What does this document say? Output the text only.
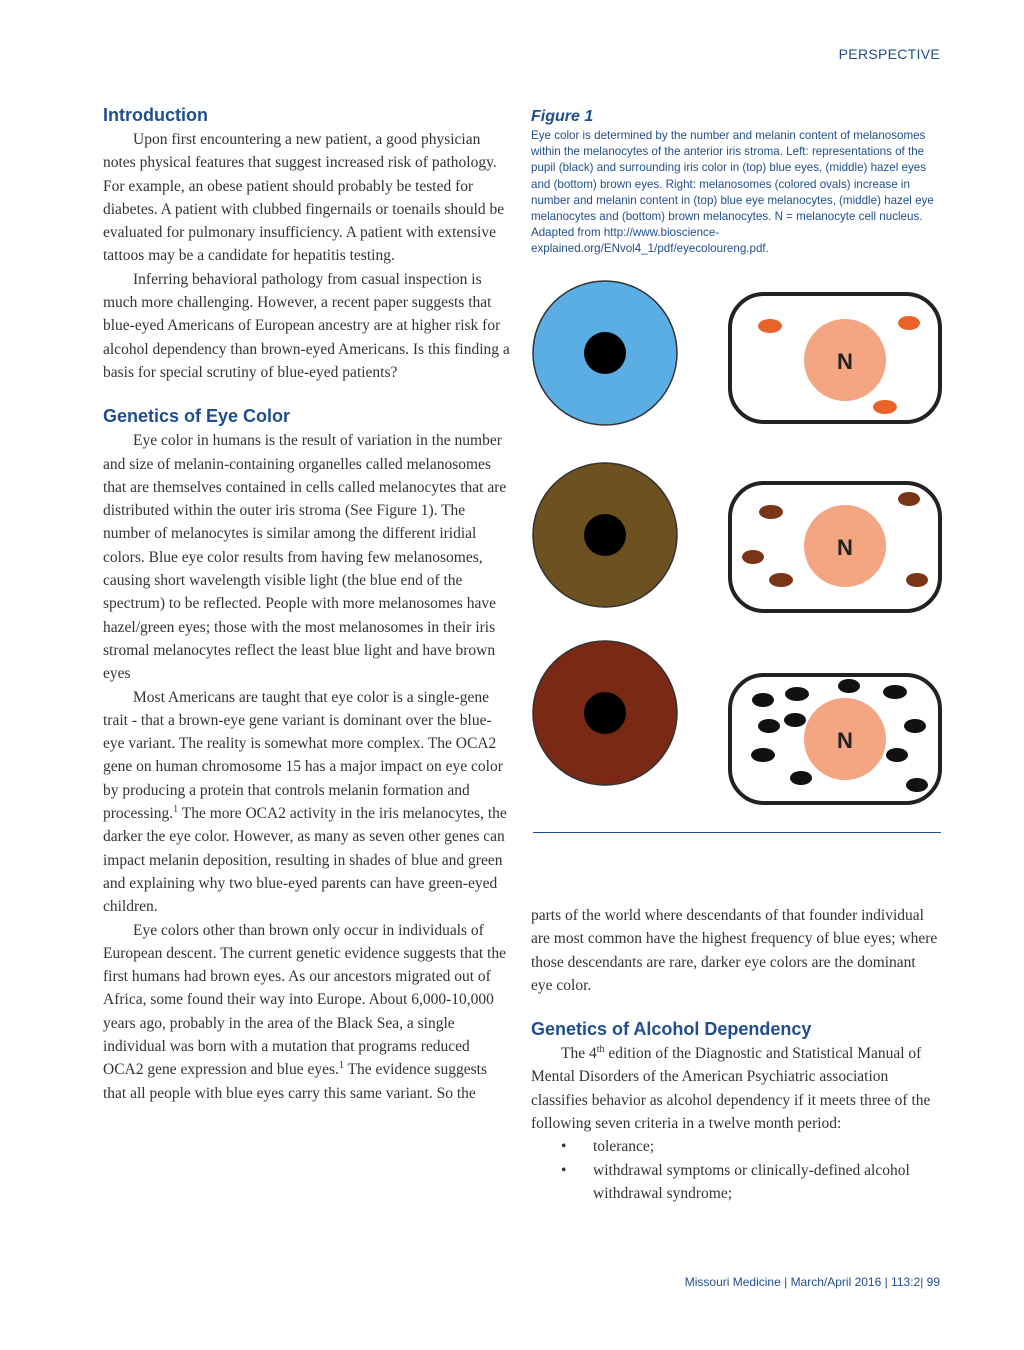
PERSPECTIVE
Introduction

Upon first encountering a new patient, a good physician notes physical features that suggest increased risk of pathology. For example, an obese patient should probably be tested for diabetes. A patient with clubbed fingernails or toenails should be evaluated for pulmonary insufficiency. A patient with extensive tattoos may be a candidate for hepatitis testing.

Inferring behavioral pathology from casual inspection is much more challenging. However, a recent paper suggests that blue-eyed Americans of European ancestry are at higher risk for alcohol dependency than brown-eyed Americans. Is this finding a basis for special scrutiny of blue-eyed patients?

Genetics of Eye Color

Eye color in humans is the result of variation in the number and size of melanin-containing organelles called melanosomes that are themselves contained in cells called melanocytes that are distributed within the outer iris stroma (See Figure 1). The number of melanocytes is similar among the different iridial colors. Blue eye color results from having few melanosomes, causing short wavelength visible light (the blue end of the spectrum) to be reflected. People with more melanosomes have hazel/green eyes; those with the most melanosomes in their iris stromal melanocytes reflect the least blue light and have brown eyes

Most Americans are taught that eye color is a single-gene trait - that a brown-eye gene variant is dominant over the blue-eye variant. The reality is somewhat more complex. The OCA2 gene on human chromosome 15 has a major impact on eye color by producing a protein that controls melanin formation and processing.$^1$ The more OCA2 activity in the iris melanocytes, the darker the eye color. However, as many as seven other genes can impact melanin deposition, resulting in shades of blue and green and explaining why two blue-eyed parents can have green-eyed children.

Eye colors other than brown only occur in individuals of European descent. The current genetic evidence suggests that the first humans had brown eyes. As our ancestors migrated out of Africa, some found their way into Europe. About 6,000-10,000 years ago, probably in the area of the Black Sea, a single individual was born with a mutation that programs reduced OCA2 gene expression and blue eyes.$^1$ The evidence suggests that all people with blue eyes carry this same variant. So the

Figure 1

Eye color is determined by the number and melanin content of melanosomes within the melanocytes of the anterior iris stroma. Left: representations of the pupil (black) and surrounding iris color in (top) blue eyes, (middle) hazel eyes and (bottom) brown eyes. Right: melanosomes (colored ovals) increase in number and melanin content in (top) blue eye melanocytes, (middle) hazel eye melanocytes and (bottom) brown melanocytes. N = melanocyte cell nucleus. Adapted from http://www.bioscience-explained.org/ENvol4_1/pdf/eyecoloureng.pdf.

N
N
N

parts of the world where descendants of that founder individual are most common have the highest frequency of blue eyes; where those descendants are rare, darker eye colors are the dominant eye color.

Genetics of Alcohol Dependency

The 4th edition of the Diagnostic and Statistical Manual of Mental Disorders of the American Psychiatric association classifies behavior as alcohol dependency if it meets three of the following seven criteria in a twelve month period:

• tolerance;
• withdrawal symptoms or clinically-defined alcohol withdrawal syndrome;
Missouri Medicine | March/April 2016 | 113:2| 99
